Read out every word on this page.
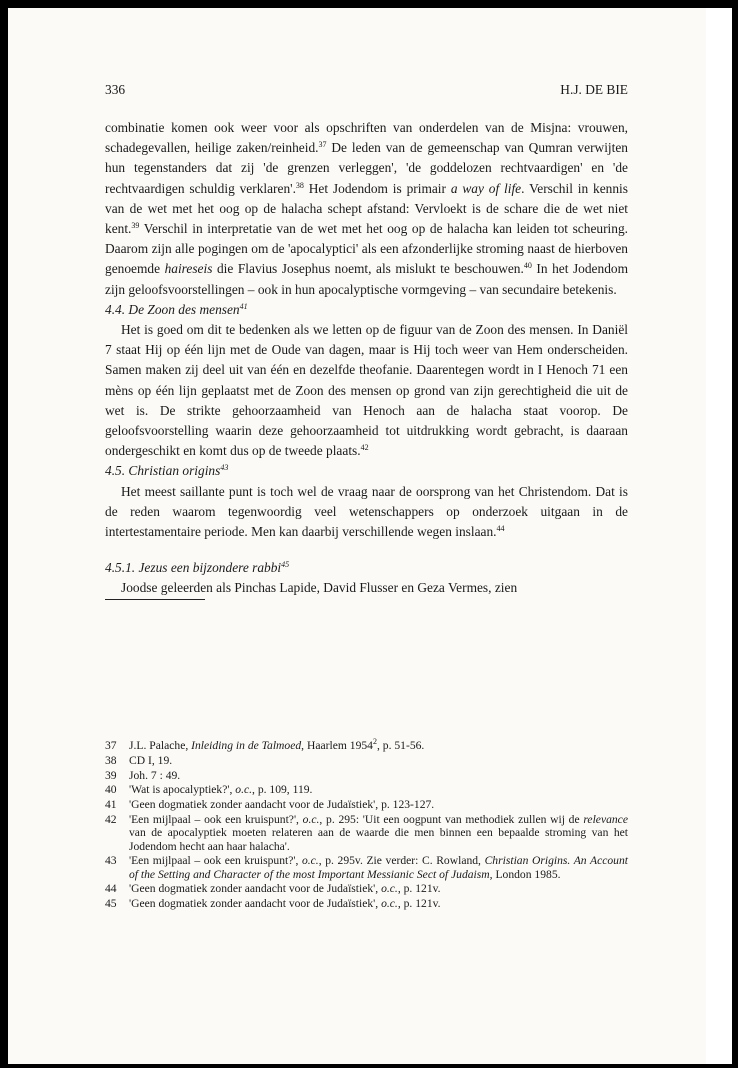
336	H.J. DE BIE

combinatie komen ook weer voor als opschriften van onderdelen van de Misjna: vrouwen, schadegevallen, heilige zaken/reinheid.$^{37}$ De leden van de gemeenschap van Qumran verwijten hun tegenstanders dat zij 'de grenzen verleggen', 'de goddelozen rechtvaardigen' en 'de rechtvaardigen schuldig verklaren'.$^{38}$ Het Jodendom is primair a way of life. Verschil in kennis van de wet met het oog op de halacha schept afstand: Vervloekt is de schare die de wet niet kent.$^{39}$ Verschil in interpretatie van de wet met het oog op de halacha kan leiden tot scheuring. Daarom zijn alle pogingen om de 'apocalyptici' als een afzonderlijke stroming naast de hierboven genoemde haireseis die Flavius Josephus noemt, als mislukt te beschouwen.$^{40}$ In het Jodendom zijn geloofsvoorstellingen – ook in hun apocalyptische vormgeving – van secundaire betekenis.

4.4. De Zoon des mensen$^{41}$

Het is goed om dit te bedenken als we letten op de figuur van de Zoon des mensen. In Daniël 7 staat Hij op één lijn met de Oude van dagen, maar is Hij toch weer van Hem onderscheiden. Samen maken zij deel uit van één en dezelfde theofanie. Daarentegen wordt in I Henoch 71 een mèns op één lijn geplaatst met de Zoon des mensen op grond van zijn gerechtigheid die uit de wet is. De strikte gehoorzaamheid van Henoch aan de halacha staat voorop. De geloofsvoorstelling waarin deze gehoorzaamheid tot uitdrukking wordt gebracht, is daaraan ondergeschikt en komt dus op de tweede plaats.$^{42}$

4.5. Christian origins$^{43}$

Het meest saillante punt is toch wel de vraag naar de oorsprong van het Christendom. Dat is de reden waarom tegenwoordig veel wetenschappers op onderzoek uitgaan in de intertestamentaire periode. Men kan daarbij verschillende wegen inslaan.$^{44}$

4.5.1. Jezus een bijzondere rabbi$^{45}$

Joodse geleerden als Pinchas Lapide, David Flusser en Geza Vermes, zien

37	J.L. Palache, Inleiding in de Talmoed, Haarlem 1954$^2$, p. 51-56.
38	CD I, 19.
39	Joh. 7 : 49.
40	'Wat is apocalyptiek?', o.c., p. 109, 119.
41	'Geen dogmatiek zonder aandacht voor de Judaïstiek', p. 123-127.
42	'Een mijlpaal – ook een kruispunt?', o.c., p. 295: 'Uit een oogpunt van methodiek zullen wij de relevance van de apocalyptiek moeten relateren aan de waarde die men binnen een bepaalde stroming van het Jodendom hecht aan haar halacha'.
43	'Een mijlpaal – ook een kruispunt?', o.c., p. 295v. Zie verder: C. Rowland, Christian Origins. An Account of the Setting and Character of the most Important Messianic Sect of Judaism, London 1985.
44	'Geen dogmatiek zonder aandacht voor de Judaïstiek', o.c., p. 121v.
45	'Geen dogmatiek zonder aandacht voor de Judaïstiek', o.c., p. 121v.
